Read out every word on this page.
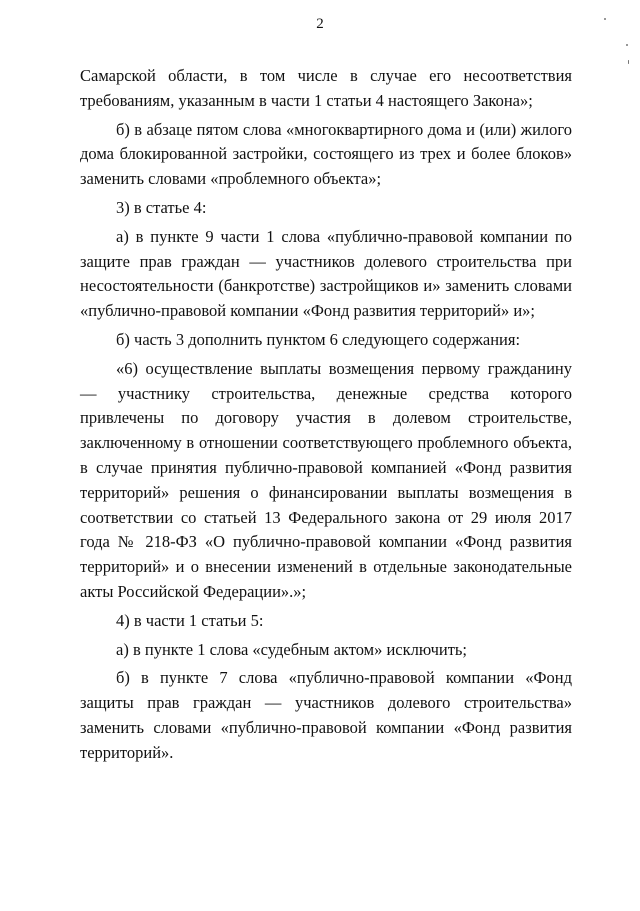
2

Самарской области, в том числе в случае его несоответствия требованиям, указанным в части 1 статьи 4 настоящего Закона»;

б) в абзаце пятом слова «многоквартирного дома и (или) жилого дома блокированной застройки, состоящего из трех и более блоков» заменить словами «проблемного объекта»;

3) в статье 4:

а) в пункте 9 части 1 слова «публично-правовой компании по защите прав граждан — участников долевого строительства при несостоятельности (банкротстве) застройщиков и» заменить словами «публично-правовой компании «Фонд развития территорий» и»;

б) часть 3 дополнить пунктом 6 следующего содержания:

«6) осуществление выплаты возмещения первому гражданину — участнику строительства, денежные средства которого привлечены по договору участия в долевом строительстве, заключенному в отношении соответствующего проблемного объекта, в случае принятия публично-правовой компанией «Фонд развития территорий» решения о финансировании выплаты возмещения в соответствии со статьей 13 Федерального закона от 29 июля 2017 года № 218-ФЗ «О публично-правовой компании «Фонд развития территорий» и о внесении изменений в отдельные законодательные акты Российской Федерации».»;

4) в части 1 статьи 5:

а) в пункте 1 слова «судебным актом» исключить;

б) в пункте 7 слова «публично-правовой компании «Фонд защиты прав граждан — участников долевого строительства» заменить словами «публично-правовой компании «Фонд развития территорий».
